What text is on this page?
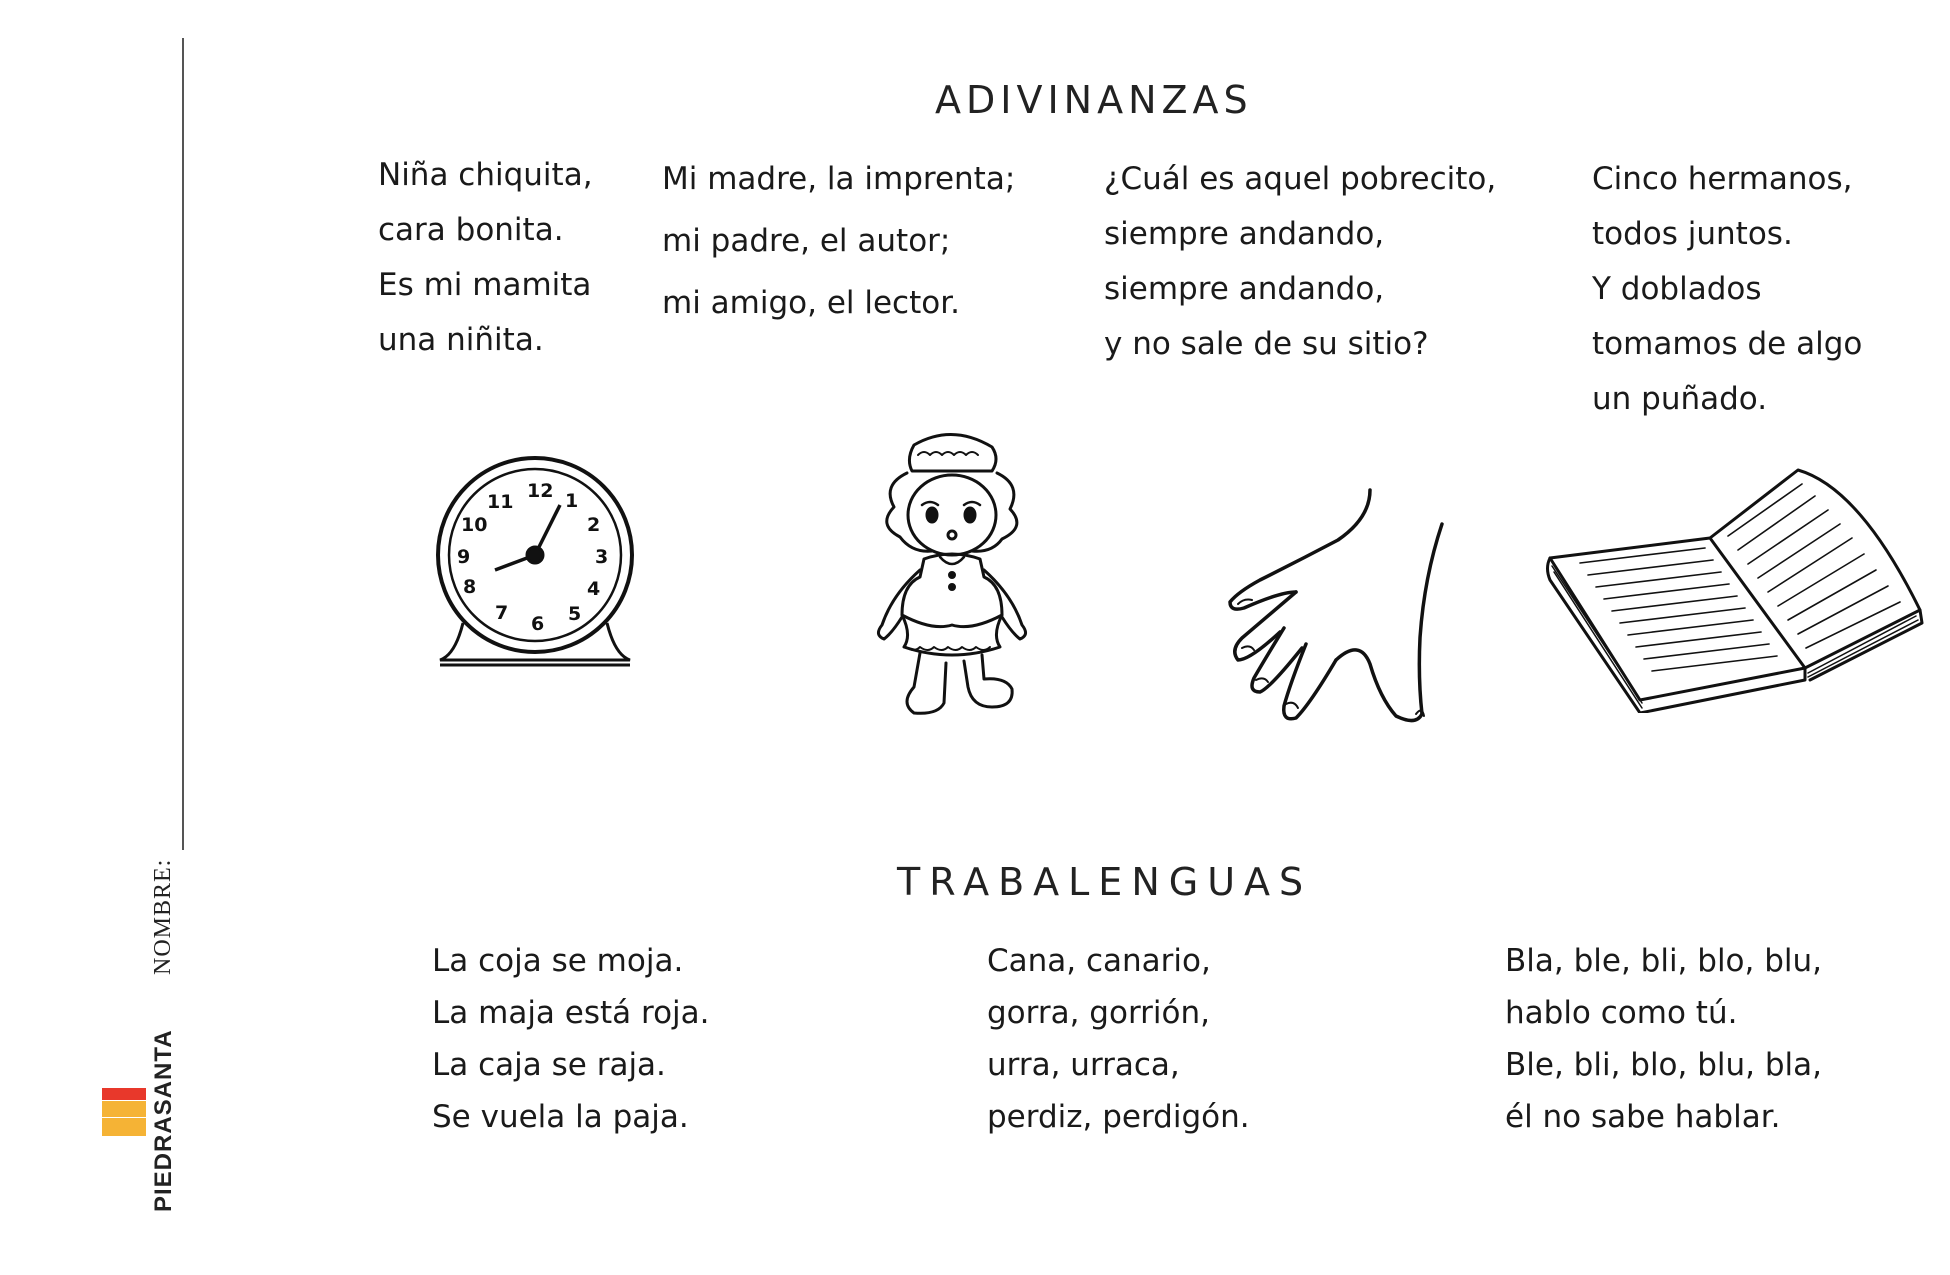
NOMBRE:
PIEDRASANTA
ADIVINANZAS
Niña chiquita,
cara bonita.
Es mi mamita
una niñita.
Mi madre, la imprenta;
mi padre, el autor;
mi amigo, el lector.
¿Cuál es aquel pobrecito,
siempre andando,
siempre andando,
y no sale de su sitio?
Cinco hermanos,
todos juntos.
Y doblados
tomamos de algo
un puñado.
12 1
2
3
4
5
6
7
8
9
10
11
TRABALENGUAS
La coja se moja.
La maja está roja.
La caja se raja.
Se vuela la paja.
Cana, canario,
gorra, gorrión,
urra, urraca,
perdiz, perdigón.
Bla, ble, bli, blo, blu,
hablo como tú.
Ble, bli, blo, blu, bla,
él no sabe hablar.
